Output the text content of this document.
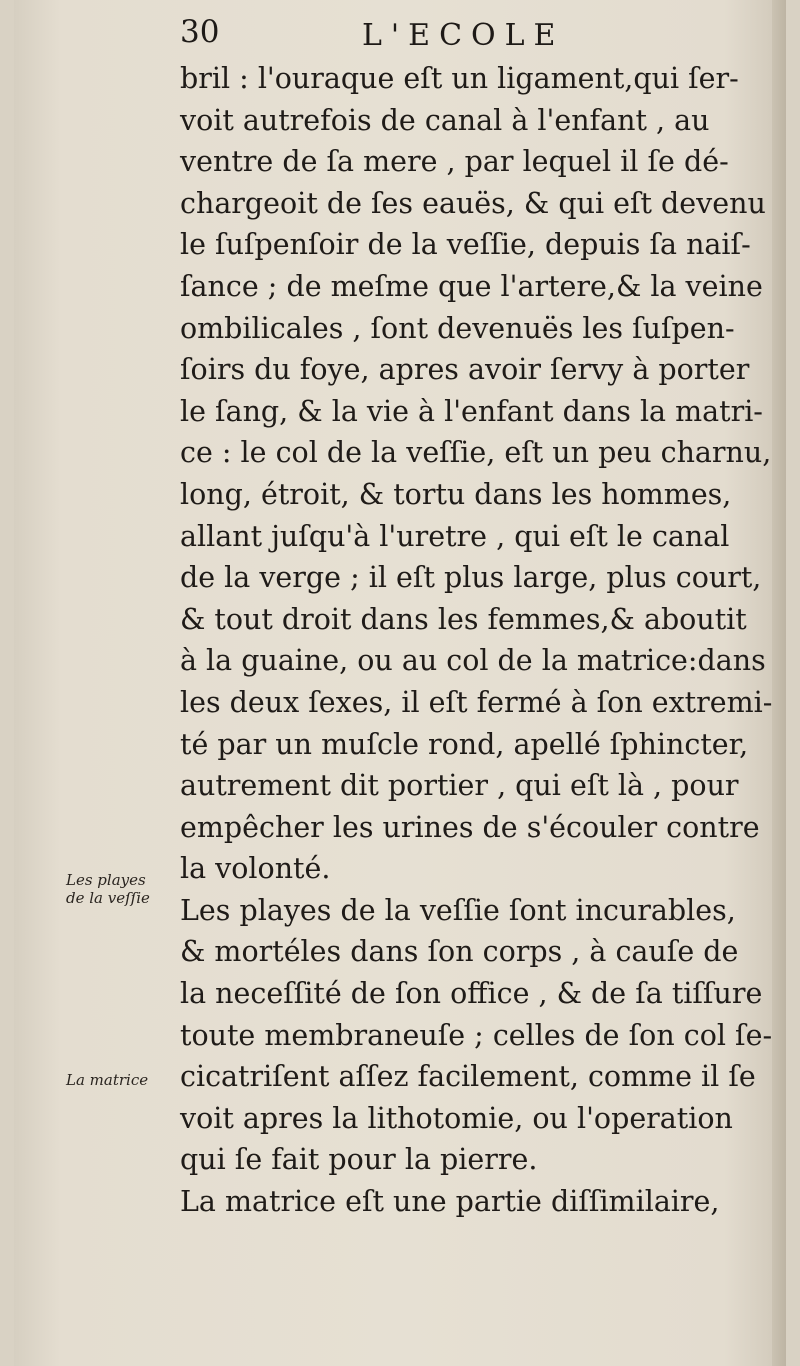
30	L'ECOLE
bril : l'ouraque eſt un ligament,qui ſer-
voit autrefois de canal à l'enfant , au
ventre de ſa mere , par lequel il ſe dé-
chargeoit de ſes eauës, & qui eſt devenu
le ſuſpenſoir de la veſſie, depuis ſa naiſ-
ſance ; de meſme que l'artere,& la veine
ombilicales , ſont devenuës les ſuſpen-
ſoirs du foye, apres avoir ſervy à porter
le ſang, & la vie à l'enfant dans la matri-
ce : le col de la veſſie, eſt un peu charnu,
long, étroit, & tortu dans les hommes,
allant juſqu'à l'uretre , qui eſt le canal
de la verge ; il eſt plus large, plus court,
& tout droit dans les femmes,& aboutit
à la guaine, ou au col de la matrice:dans
les deux ſexes, il eſt fermé à ſon extremi-
té par un muſcle rond, apellé ſphincter,
autrement dit portier , qui eſt là , pour
empêcher les urines de s'écouler contre
la volonté.
Les playes de la veſſie ſont incurables,
& mortéles dans ſon corps , à cauſe de
la neceſſité de ſon office , & de ſa tiſſure
toute membraneuſe ; celles de ſon col ſe-
cicatriſent aſſez facilement, comme il ſe
voit apres la lithotomie, ou l'operation
qui ſe fait pour la pierre.
La matrice eſt une partie diſſimilaire,
Les playes
de la veſſie
La matrice
